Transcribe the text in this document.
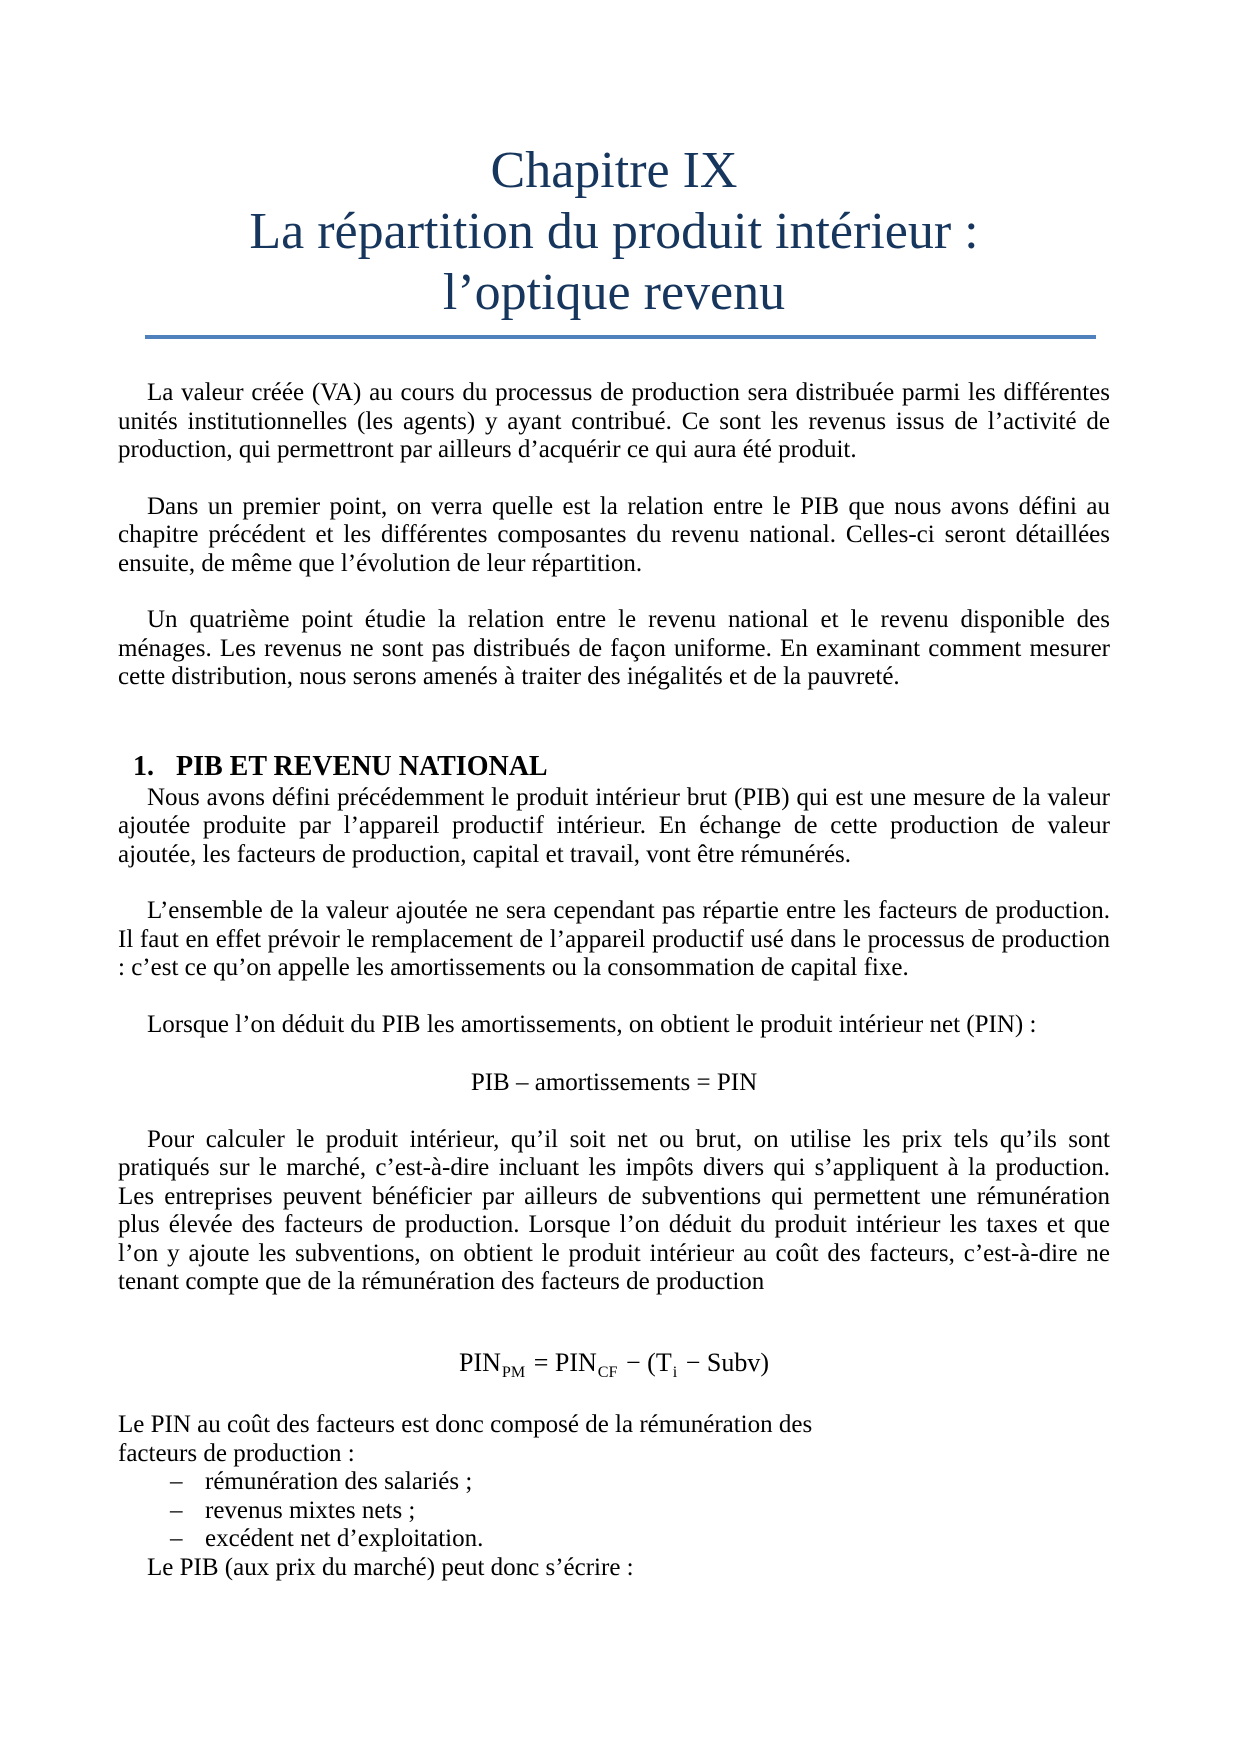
Chapitre IX
La répartition du produit intérieur :
l’optique revenu

La valeur créée (VA) au cours du processus de production sera distribuée parmi les différentes unités institutionnelles (les agents) y ayant contribué. Ce sont les revenus issus de l’activité de production, qui permettront par ailleurs d’acquérir ce qui aura été produit.

Dans un premier point, on verra quelle est la relation entre le PIB que nous avons défini au chapitre précédent et les différentes composantes du revenu national. Celles-ci seront détaillées ensuite, de même que l’évolution de leur répartition.

Un quatrième point étudie la relation entre le revenu national et le revenu disponible des ménages. Les revenus ne sont pas distribués de façon uniforme. En examinant comment mesurer cette distribution, nous serons amenés à traiter des inégalités et de la pauvreté.

1. PIB ET REVENU NATIONAL

Nous avons défini précédemment le produit intérieur brut (PIB) qui est une mesure de la valeur ajoutée produite par l’appareil productif intérieur. En échange de cette production de valeur ajoutée, les facteurs de production, capital et travail, vont être rémunérés.

L’ensemble de la valeur ajoutée ne sera cependant pas répartie entre les facteurs de production. Il faut en effet prévoir le remplacement de l’appareil productif usé dans le processus de production : c’est ce qu’on appelle les amortissements ou la consommation de capital fixe.

Lorsque l’on déduit du PIB les amortissements, on obtient le produit intérieur net (PIN) :

PIB – amortissements = PIN

Pour calculer le produit intérieur, qu’il soit net ou brut, on utilise les prix tels qu’ils sont pratiqués sur le marché, c’est-à-dire incluant les impôts divers qui s’appliquent à la production. Les entreprises peuvent bénéficier par ailleurs de subventions qui permettent une rémunération plus élevée des facteurs de production. Lorsque l’on déduit du produit intérieur les taxes et que l’on y ajoute les subventions, on obtient le produit intérieur au coût des facteurs, c’est-à-dire ne tenant compte que de la rémunération des facteurs de production

$PIN_{PM} = PIN_{CF} - (T_i$ − Subv)

Le PIN au coût des facteurs est donc composé de la rémunération des
facteurs de production :

– rémunération des salariés ;
– revenus mixtes nets ;
– excédent net d’exploitation.

Le PIB (aux prix du marché) peut donc s’écrire :
